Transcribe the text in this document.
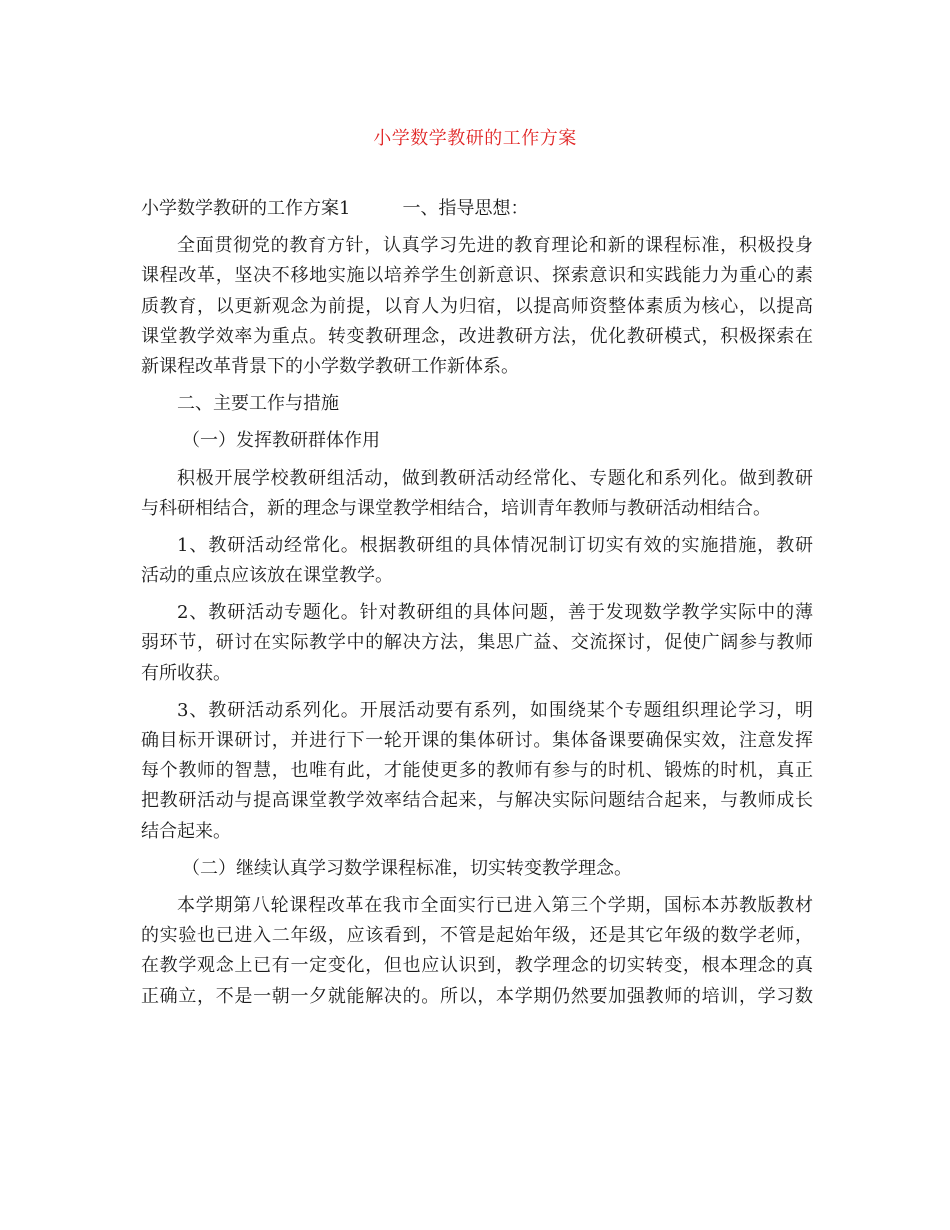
小学数学教研的工作方案
小学数学教研的工作方案1	一、指导思想：
全面贯彻党的教育方针，认真学习先进的教育理论和新的课程标准，积极投身
课程改革，坚决不移地实施以培养学生创新意识、探索意识和实践能力为重心的素
质教育，以更新观念为前提，以育人为归宿，以提高师资整体素质为核心，以提高
课堂教学效率为重点。转变教研理念，改进教研方法，优化教研模式，积极探索在
新课程改革背景下的小学数学教研工作新体系。
二、主要工作与措施
（一）发挥教研群体作用
积极开展学校教研组活动，做到教研活动经常化、专题化和系列化。做到教研
与科研相结合，新的理念与课堂教学相结合，培训青年教师与教研活动相结合。
1、教研活动经常化。根据教研组的具体情况制订切实有效的实施措施，教研
活动的重点应该放在课堂教学。
2、教研活动专题化。针对教研组的具体问题，善于发现数学教学实际中的薄
弱环节，研讨在实际教学中的解决方法，集思广益、交流探讨，促使广阔参与教师
有所收获。
3、教研活动系列化。开展活动要有系列，如围绕某个专题组织理论学习，明
确目标开课研讨，并进行下一轮开课的集体研讨。集体备课要确保实效，注意发挥
每个教师的智慧，也唯有此，才能使更多的教师有参与的时机、锻炼的时机，真正
把教研活动与提高课堂教学效率结合起来，与解决实际问题结合起来，与教师成长
结合起来。
（二）继续认真学习数学课程标准，切实转变教学理念。
本学期第八轮课程改革在我市全面实行已进入第三个学期，国标本苏教版教材
的实验也已进入二年级，应该看到，不管是起始年级，还是其它年级的数学老师，
在教学观念上已有一定变化，但也应认识到，教学理念的切实转变，根本理念的真
正确立，不是一朝一夕就能解决的。所以，本学期仍然要加强教师的培训，学习数
